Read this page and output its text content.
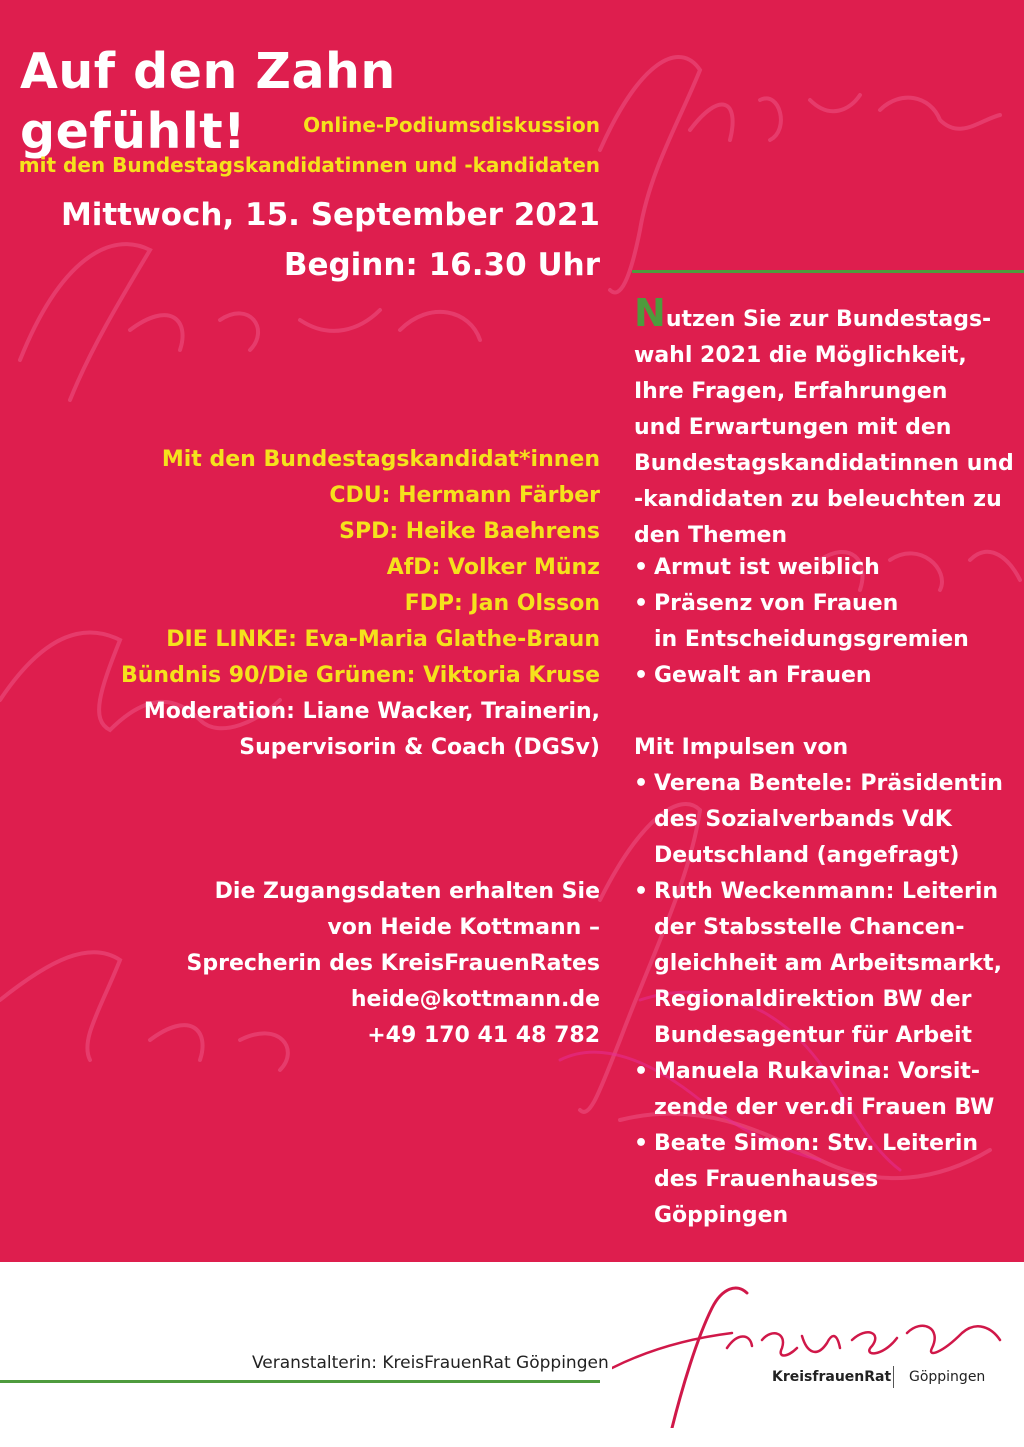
Auf den Zahn gefühlt!	Online-Podiumsdiskussion
mit den Bundestagskandidatinnen und -kandidaten
Mittwoch, 15. September 2021
Beginn: 16.30 Uhr
Nutzen Sie zur Bundestags-
wahl 2021 die Möglichkeit,
Ihre Fragen, Erfahrungen
und Erwartungen mit den
Bundestagskandidatinnen und
-kandidaten zu beleuchten zu
den Themen
• Armut ist weiblich
• Präsenz von Frauen
in Entscheidungsgremien
• Gewalt an Frauen
Mit Impulsen von
• Verena Bentele: Präsidentin
des Sozialverbands VdK
Deutschland (angefragt)
• Ruth Weckenmann: Leiterin
der Stabsstelle Chancen-
gleichheit am Arbeitsmarkt,
Regionaldirektion BW der
Bundesagentur für Arbeit
• Manuela Rukavina: Vorsit-
zende der ver.di Frauen BW
• Beate Simon: Stv. Leiterin
des Frauenhauses Göppingen
Mit den Bundestagskandidat*innen
CDU: Hermann Färber
SPD: Heike Baehrens
AfD: Volker Münz
FDP: Jan Olsson
DIE LINKE: Eva-Maria Glathe-Braun
Bündnis 90/Die Grünen: Viktoria Kruse
Moderation: Liane Wacker, Trainerin,
Supervisorin & Coach (DGSv)
Die Zugangsdaten erhalten Sie
von Heide Kottmann –
Sprecherin des KreisFrauenRates
heide@kottmann.de
+49 170 41 48 782
Veranstalterin: KreisFrauenRat Göppingen
KreisfrauenRat Göppingen
